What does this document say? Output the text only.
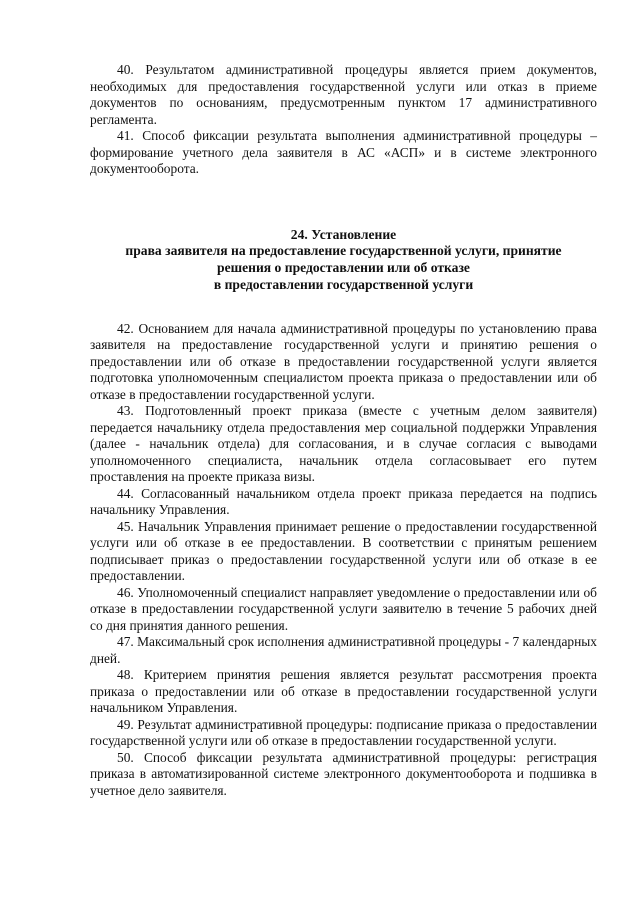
40. Результатом административной процедуры является прием документов, необходимых для предоставления государственной услуги или отказ в приеме документов по основаниям, предусмотренным пунктом 17 административного регламента.

41. Способ фиксации результата выполнения административной процедуры –формирование учетного дела заявителя в АС «АСП» и в системе электронного документооборота.

24. Установление
права заявителя на предоставление государственной услуги, принятие
решения о предоставлении или об отказе
в предоставлении государственной услуги

42. Основанием для начала административной процедуры по установлению права заявителя на предоставление государственной услуги и принятию решения о предоставлении или об отказе в предоставлении государственной услуги является подготовка уполномоченным специалистом проекта приказа о предоставлении или об отказе в предоставлении государственной услуги.

43. Подготовленный проект приказа (вместе с учетным делом заявителя) передается начальнику отдела предоставления мер социальной поддержки Управления (далее - начальник отдела) для согласования, и в случае согласия с выводами уполномоченного специалиста, начальник отдела согласовывает его путем проставления на проекте приказа визы.

44. Согласованный начальником отдела проект приказа передается на подпись начальнику Управления.

45. Начальник Управления принимает решение о предоставлении государственной услуги или об отказе в ее предоставлении. В соответствии с принятым решением подписывает приказ о предоставлении государственной услуги или об отказе в ее предоставлении.

46. Уполномоченный специалист направляет уведомление о предоставлении или об отказе в предоставлении государственной услуги заявителю в течение 5 рабочих дней со дня принятия данного решения.

47. Максимальный срок исполнения административной процедуры - 7 календарных дней.

48. Критерием принятия решения является результат рассмотрения проекта приказа о предоставлении или об отказе в предоставлении государственной услуги начальником Управления.

49. Результат административной процедуры: подписание приказа о предоставлении государственной услуги или об отказе в предоставлении государственной услуги.

50. Способ фиксации результата административной процедуры: регистрация приказа в автоматизированной системе электронного документооборота и подшивка в учетное дело заявителя.
